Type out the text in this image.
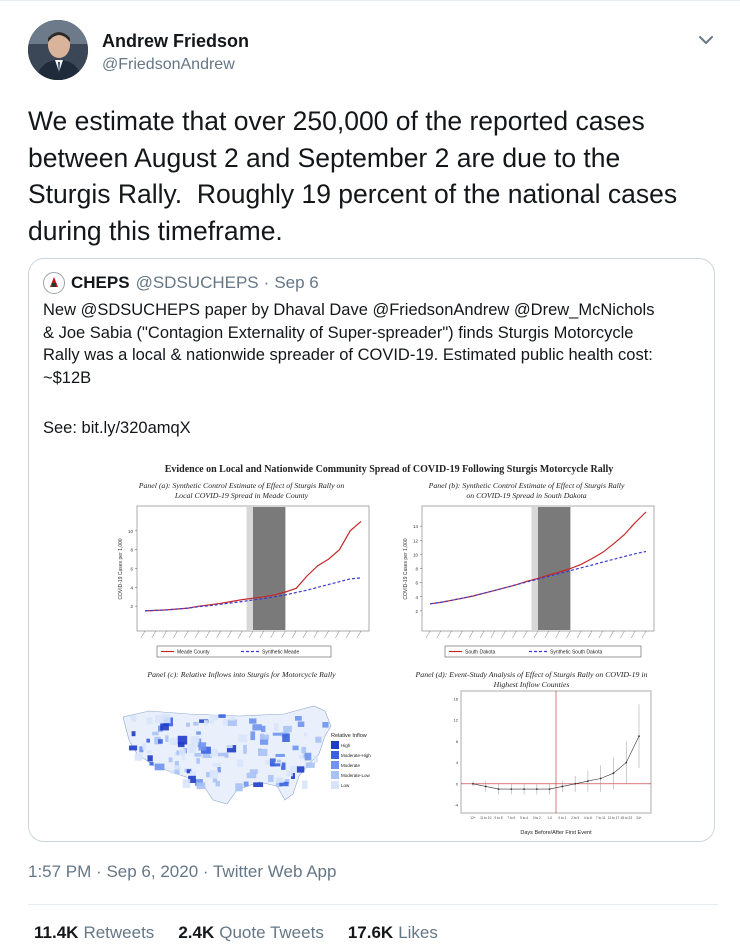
Andrew Friedson
@FriedsonAndrew
We estimate that over 250,000 of the reported cases
between August 2 and September 2 are due to the
Sturgis Rally.  Roughly 19 percent of the national cases
during this timeframe.
CHEPS @SDSUCHEPS · Sep 6
New @SDSUCHEPS paper by Dhaval Dave @FriedsonAndrew @Drew_McNichols
& Joe Sabia ("Contagion Externality of Super-spreader") finds Sturgis Motorcycle
Rally was a local & nationwide spreader of COVID-19. Estimated public health cost:
~$12B
See: bit.ly/320amqX
Evidence on Local and Nationwide Community Spread of COVID-19 Following Sturgis Motorcycle Rally
Panel (a): Synthetic Control Estimate of Effect of Sturgis Rally on
Local COVID-19 Spread in Meade County
Panel (b): Synthetic Control Estimate of Effect of Sturgis Rally
on COVID-19 Spread in South Dakota
Panel (c): Relative Inflows into Sturgis for Motorcycle Rally	Panel (d): Event-Study Analysis of Effect of Sturgis Rally on COVID-19 in
Highest Inflow Counties
COVID-19 Cases per 1,000
2
4
6
8
10
Meade County	Synthetic Meade
COVID-19 Cases per 1,000
2
4
6
8
10
12
14
South Dakota	Synthetic South Dakota
Relative Inflow
High
Moderate-High
Moderate
Moderate-Low
Low
-4
0
4
8
12
16
12+ 11 to 10 9 to 8 7 to 6 5 to 4 3 to 2 1-0 0 to 1 2 to 3 4 to 6 7 to 11 12 to 17 18 to 23 24+
Days Before/After First Event
1:57 PM · Sep 6, 2020 · Twitter Web App
11.4K Retweets 2.4K Quote Tweets 17.6K Likes
